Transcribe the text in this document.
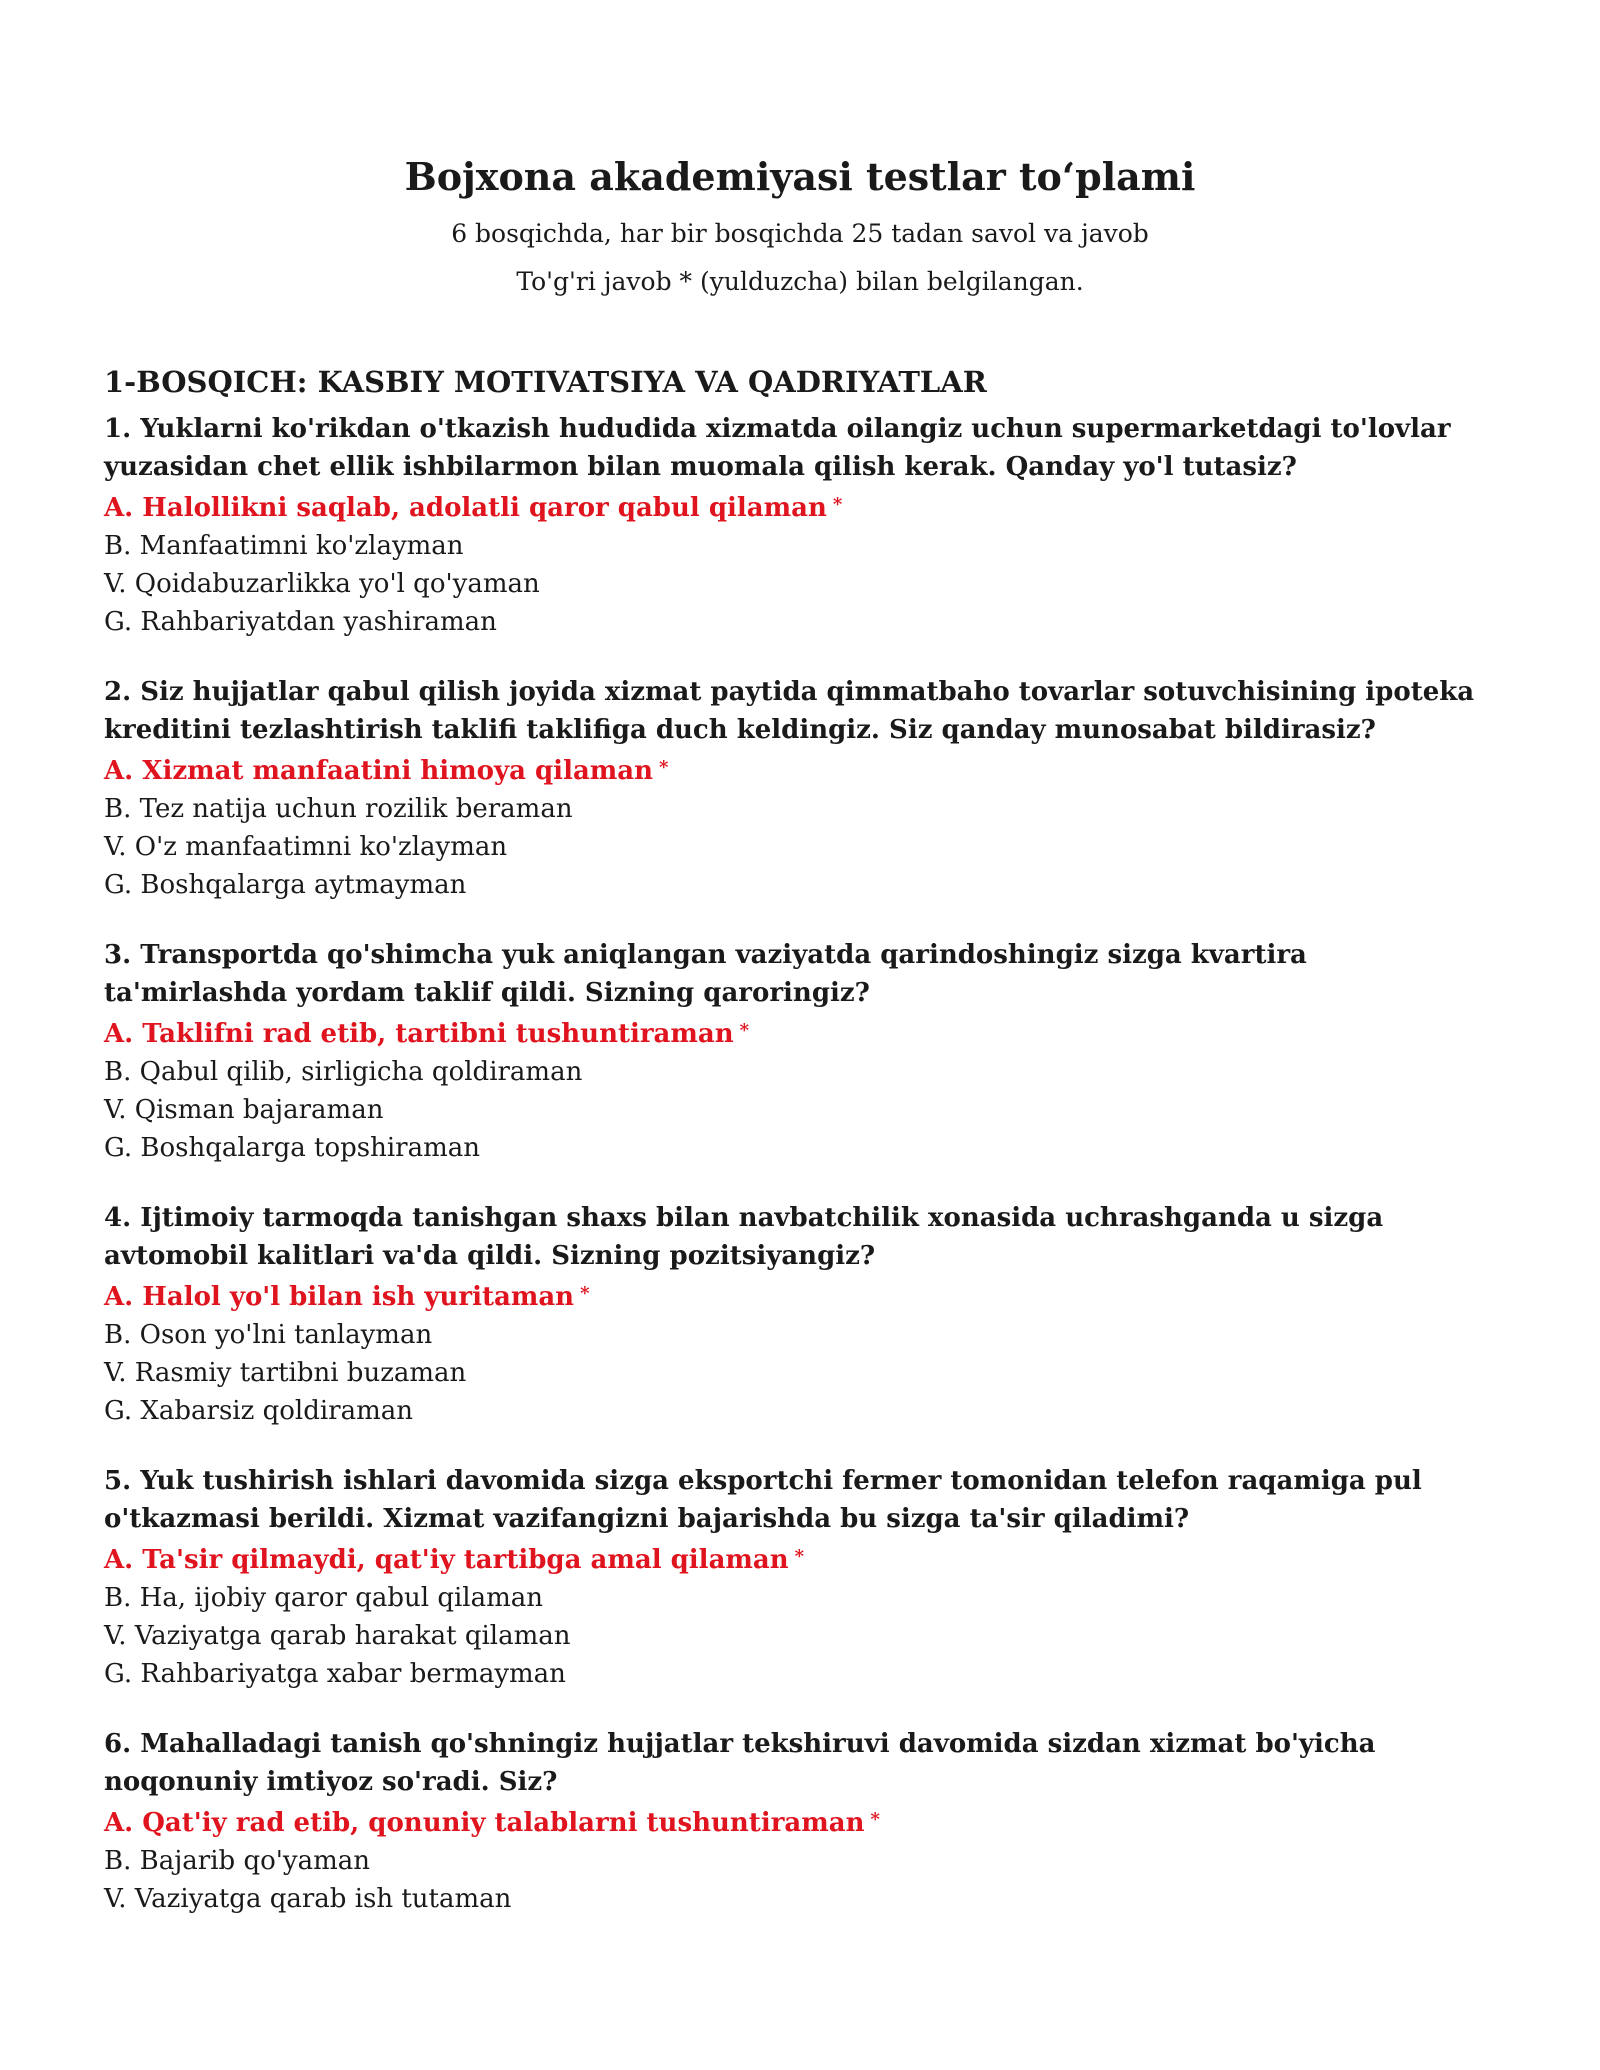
Bojxona akademiyasi testlar to‘plami

6 bosqichda, har bir bosqichda 25 tadan savol va javob

To'g'ri javob * (yulduzcha) bilan belgilangan.

1-BOSQICH: KASBIY MOTIVATSIYA VA QADRIYATLAR

1. Yuklarni ko'rikdan o'tkazish hududida xizmatda oilangiz uchun supermarketdagi to'lovlar yuzasidan chet ellik ishbilarmon bilan muomala qilish kerak. Qanday yo'l tutasiz?

A. Halollikni saqlab, adolatli qaror qabul qilaman *
B. Manfaatimni ko'zlayman
V. Qoidabuzarlikka yo'l qo'yaman
G. Rahbariyatdan yashiraman

2. Siz hujjatlar qabul qilish joyida xizmat paytida qimmatbaho tovarlar sotuvchisining ipoteka kreditini tezlashtirish taklifi taklifiga duch keldingiz. Siz qanday munosabat bildirasiz?

A. Xizmat manfaatini himoya qilaman *
B. Tez natija uchun rozilik beraman
V. O'z manfaatimni ko'zlayman
G. Boshqalarga aytmayman

3. Transportda qo'shimcha yuk aniqlangan vaziyatda qarindoshingiz sizga kvartira ta'mirlashda yordam taklif qildi. Sizning qaroringiz?

A. Taklifni rad etib, tartibni tushuntiraman *
B. Qabul qilib, sirligicha qoldiraman
V. Qisman bajaraman
G. Boshqalarga topshiraman

4. Ijtimoiy tarmoqda tanishgan shaxs bilan navbatchilik xonasida uchrashganda u sizga avtomobil kalitlari va'da qildi. Sizning pozitsiyangiz?

A. Halol yo'l bilan ish yuritaman *
B. Oson yo'lni tanlayman
V. Rasmiy tartibni buzaman
G. Xabarsiz qoldiraman

5. Yuk tushirish ishlari davomida sizga eksportchi fermer tomonidan telefon raqamiga pul o'tkazmasi berildi. Xizmat vazifangizni bajarishda bu sizga ta'sir qiladimi?

A. Ta'sir qilmaydi, qat'iy tartibga amal qilaman *
B. Ha, ijobiy qaror qabul qilaman
V. Vaziyatga qarab harakat qilaman
G. Rahbariyatga xabar bermayman

6. Mahalladagi tanish qo'shningiz hujjatlar tekshiruvi davomida sizdan xizmat bo'yicha noqonuniy imtiyoz so'radi. Siz?

A. Qat'iy rad etib, qonuniy talablarni tushuntiraman *
B. Bajarib qo'yaman
V. Vaziyatga qarab ish tutaman
